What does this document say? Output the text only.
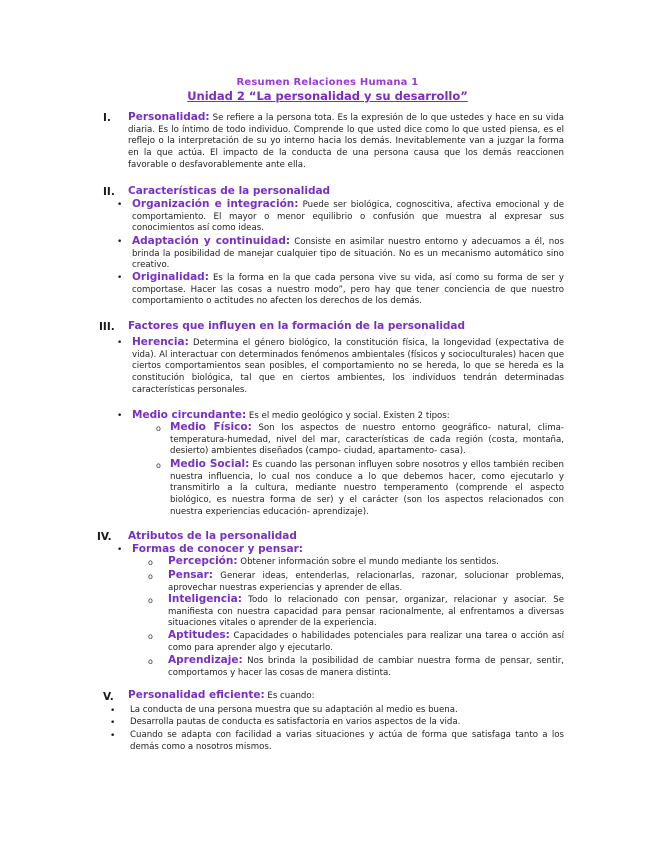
Resumen Relaciones Humana 1
Unidad 2 “La personalidad y su desarrollo”
I. Personalidad: Se refiere a la persona tota. Es la expresión de lo que ustedes y hace en su vida diaria. Es lo íntimo de todo individuo. Comprende lo que usted dice como lo que usted piensa, es el reflejo o la interpretación de su yo interno hacia los demás. Inevitablemente van a juzgar la forma en la que actúa. El impacto de la conducta de una persona causa que los demás reaccionen favorable o desfavorablemente ante ella.
II. Características de la personalidad
• Organización e integración: Puede ser biológica, cognoscitiva, afectiva emocional y de comportamiento. El mayor o menor equilibrio o confusión que muestra al expresar sus conocimientos así como ideas.
• Adaptación y continuidad: Consiste en asimilar nuestro entorno y adecuamos a él, nos brinda la posibilidad de manejar cualquier tipo de situación. No es un mecanismo automático sino creativo.
• Originalidad: Es la forma en la que cada persona vive su vida, así como su forma de ser y comportase. Hacer las cosas a nuestro modo”, pero hay que tener conciencia de que nuestro comportamiento o actitudes no afecten los derechos de los demás.
III. Factores que influyen en la formación de la personalidad
• Herencia: Determina el género biológico, la constitución física, la longevidad (expectativa de vida). Al interactuar con determinados fenómenos ambientales (físicos y socioculturales) hacen que ciertos comportamientos sean posibles, el comportamiento no se hereda, lo que se hereda es la constitución biológica, tal que en ciertos ambientes, los individuos tendrán determinadas características personales.
• Medio circundante: Es el medio geológico y social. Existen 2 tipos:
o Medio Físico: Son los aspectos de nuestro entorno geográfico- natural, clima-temperatura-humedad, nivel del mar, características de cada región (costa, montaña, desierto) ambientes diseñados (campo- ciudad, apartamento- casa).
o Medio Social: Es cuando las personan influyen sobre nosotros y ellos también reciben nuestra influencia, lo cual nos conduce a lo que debemos hacer, como ejecutarlo y transmitirlo a la cultura, mediante nuestro temperamento (comprende el aspecto biológico, es nuestra forma de ser) y el carácter (son los aspectos relacionados con nuestra experiencias educación- aprendizaje).
IV. Atributos de la personalidad
• Formas de conocer y pensar:
o Percepción: Obtener información sobre el mundo mediante los sentidos.
o Pensar: Generar ideas, entenderlas, relacionarlas, razonar, solucionar problemas, aprovechar nuestras experiencias y aprender de ellas.
o Inteligencia: Todo lo relacionado con pensar, organizar, relacionar y asociar. Se manifiesta con nuestra capacidad para pensar racionalmente, al enfrentamos a diversas situaciones vitales o aprender de la experiencia.
o Aptitudes: Capacidades o habilidades potenciales para realizar una tarea o acción así como para aprender algo y ejecutarlo.
o Aprendizaje: Nos brinda la posibilidad de cambiar nuestra forma de pensar, sentir, comportamos y hacer las cosas de manera distinta.
V. Personalidad eficiente: Es cuando:
• La conducta de una persona muestra que su adaptación al medio es buena.
• Desarrolla pautas de conducta es satisfactoria en varios aspectos de la vida.
• Cuando se adapta con facilidad a varias situaciones y actúa de forma que satisfaga tanto a los demás como a nosotros mismos.
